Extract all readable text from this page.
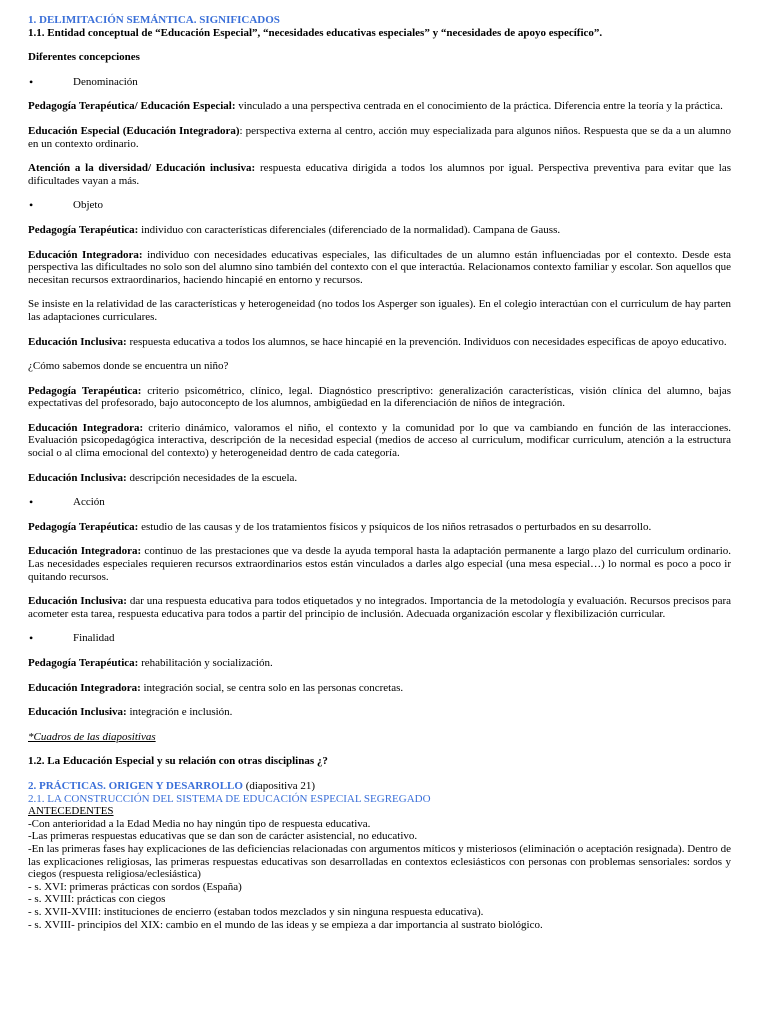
1. DELIMITACIÓN SEMÁNTICA. SIGNIFICADOS

1.1. Entidad conceptual de “Educación Especial”, “necesidades educativas especiales” y “necesidades de apoyo específico”.

Diferentes concepciones

• Denominación

Pedagogía Terapéutica/ Educación Especial: vinculado a una perspectiva centrada en el conocimiento de la práctica. Diferencia entre la teoría y la práctica.

Educación Especial (Educación Integradora): perspectiva externa al centro, acción muy especializada para algunos niños. Respuesta que se da a un alumno en un contexto ordinario.

Atención a la diversidad/ Educación inclusiva: respuesta educativa dirigida a todos los alumnos por igual. Perspectiva preventiva para evitar que las dificultades vayan a más.

• Objeto

Pedagogía Terapéutica: individuo con características diferenciales (diferenciado de la normalidad). Campana de Gauss.

Educación Integradora: individuo con necesidades educativas especiales, las dificultades de un alumno están influenciadas por el contexto. Desde esta perspectiva las dificultades no solo son del alumno sino también del contexto con el que interactúa. Relacionamos contexto familiar y escolar. Son aquellos que necesitan recursos extraordinarios, haciendo hincapié en entorno y recursos.

Se insiste en la relatividad de las características y heterogeneidad (no todos los Asperger son iguales). En el colegio interactúan con el curriculum de hay parten las adaptaciones curriculares.

Educación Inclusiva: respuesta educativa a todos los alumnos, se hace hincapié en la prevención. Individuos con necesidades especificas de apoyo educativo.

¿Cómo sabemos donde se encuentra un niño?

Pedagogía Terapéutica: criterio psicométrico, clínico, legal. Diagnóstico prescriptivo: generalización características, visión clínica del alumno, bajas expectativas del profesorado, bajo autoconcepto de los alumnos, ambigüedad en la diferenciación de niños de integración.

Educación Integradora: criterio dinámico, valoramos el niño, el contexto y la comunidad por lo que va cambiando en función de las interacciones. Evaluación psicopedagógica interactiva, descripción de la necesidad especial (medios de acceso al curriculum, modificar curriculum, atención a la estructura social o al clima emocional del contexto) y heterogeneidad dentro de cada categoría.

Educación Inclusiva: descripción necesidades de la escuela.

• Acción

Pedagogía Terapéutica: estudio de las causas y de los tratamientos físicos y psíquicos de los niños retrasados o perturbados en su desarrollo.

Educación Integradora: continuo de las prestaciones que va desde la ayuda temporal hasta la adaptación permanente a largo plazo del curriculum ordinario. Las necesidades especiales requieren recursos extraordinarios estos están vinculados a darles algo especial (una mesa especial…) lo normal es poco a poco ir quitando recursos.

Educación Inclusiva: dar una respuesta educativa para todos etiquetados y no integrados. Importancia de la metodología y evaluación. Recursos precisos para acometer esta tarea, respuesta educativa para todos a partir del principio de inclusión. Adecuada organización escolar y flexibilización curricular.

• Finalidad

Pedagogía Terapéutica: rehabilitación y socialización.

Educación Integradora: integración social, se centra solo en las personas concretas.

Educación Inclusiva: integración e inclusión.

*Cuadros de las diapositivas

1.2. La Educación Especial y su relación con otras disciplinas ¿?

2. PRÁCTICAS. ORIGEN Y DESARROLLO (diapositiva 21)

2.1. LA CONSTRUCCIÓN DEL SISTEMA DE EDUCACIÓN ESPECIAL SEGREGADO

ANTECEDENTES

-Con anterioridad a la Edad Media no hay ningún tipo de respuesta educativa.

-Las primeras respuestas educativas que se dan son de carácter asistencial, no educativo.

-En las primeras fases hay explicaciones de las deficiencias relacionadas con argumentos míticos y misteriosos (eliminación o aceptación resignada). Dentro de las explicaciones religiosas, las primeras respuestas educativas son desarrolladas en contextos eclesiásticos con personas con problemas sensoriales: sordos y ciegos (respuesta religiosa/eclesiástica)

- s. XVI: primeras prácticas con sordos (España)

- s. XVIII: prácticas con ciegos

- s. XVII-XVIII: instituciones de encierro (estaban todos mezclados y sin ninguna respuesta educativa).

- s. XVIII- principios del XIX: cambio en el mundo de las ideas y se empieza a dar importancia al sustrato biológico.
